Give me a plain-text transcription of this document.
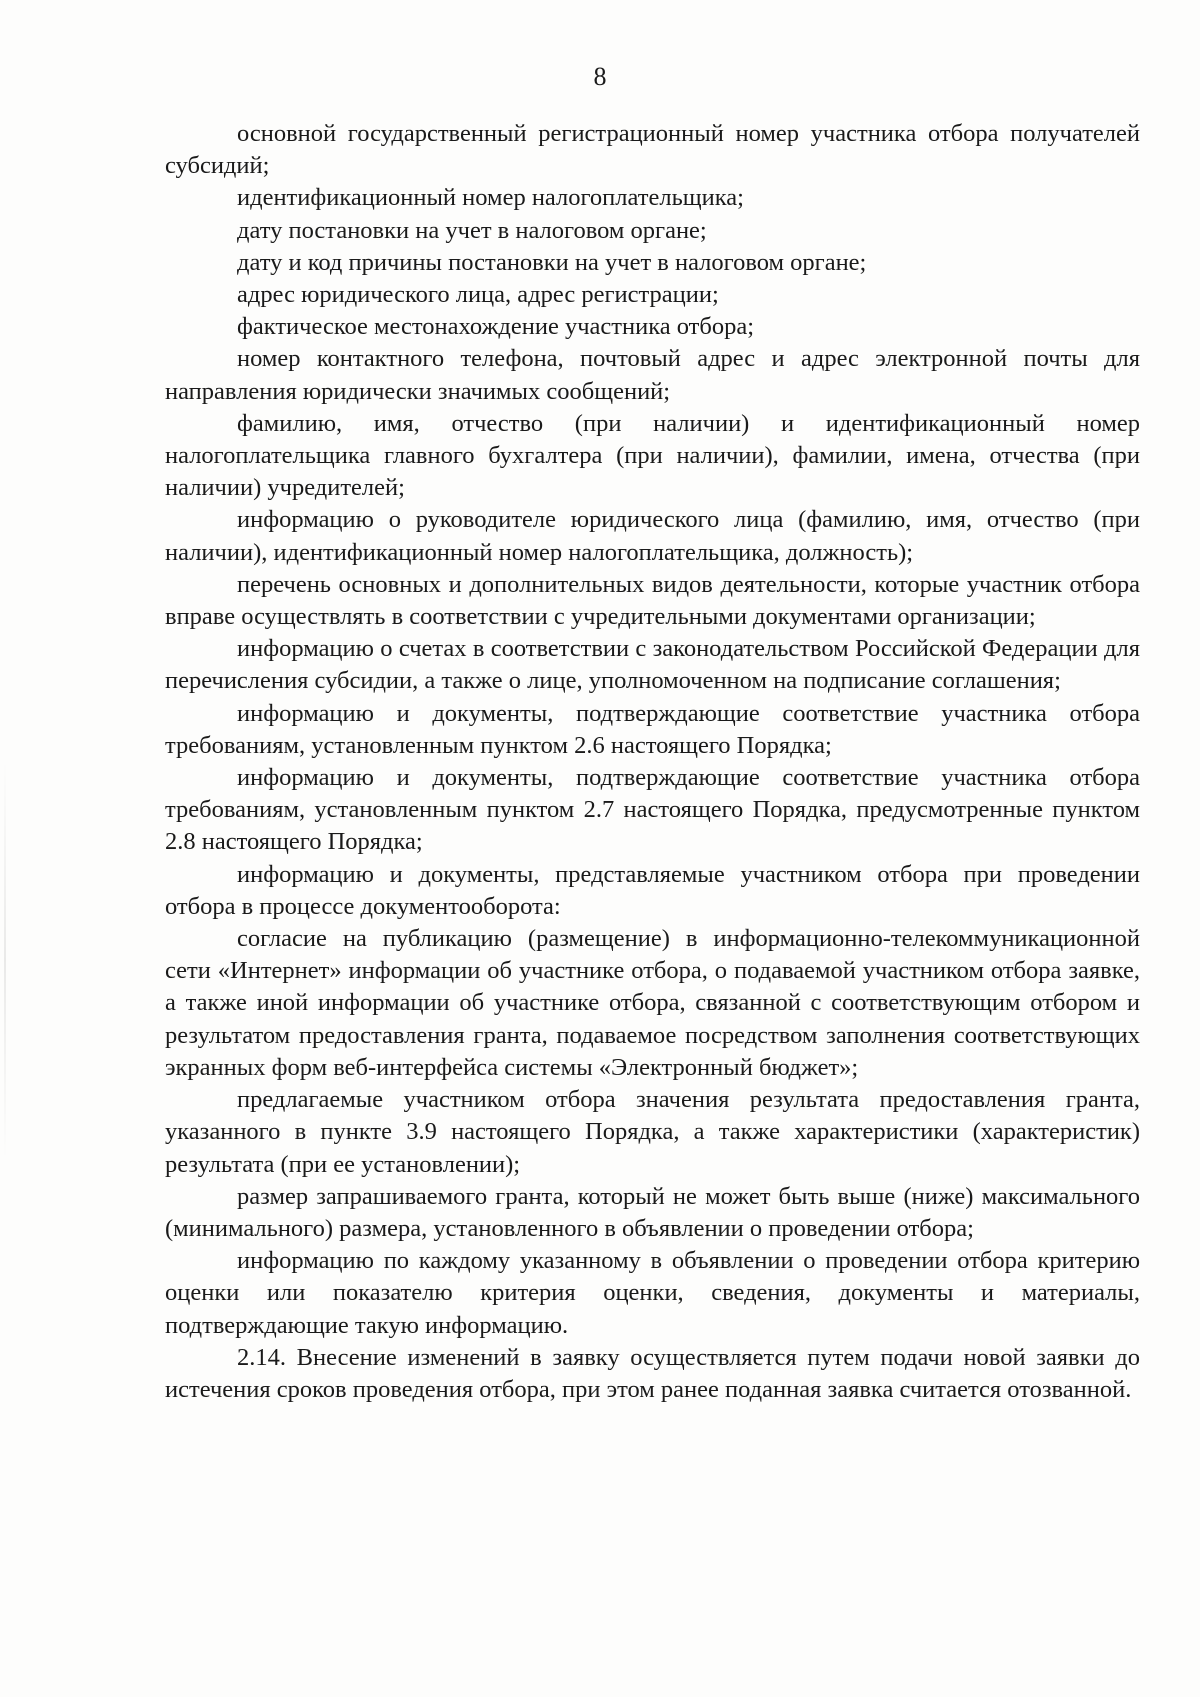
8

основной государственный регистрационный номер участника отбора получателей субсидий;

идентификационный номер налогоплательщика;

дату постановки на учет в налоговом органе;

дату и код причины постановки на учет в налоговом органе;

адрес юридического лица, адрес регистрации;

фактическое местонахождение участника отбора;

номер контактного телефона, почтовый адрес и адрес электронной почты для направления юридически значимых сообщений;

фамилию, имя, отчество (при наличии) и идентификационный номер налогоплательщика главного бухгалтера (при наличии), фамилии, имена, отчества (при наличии) учредителей;

информацию о руководителе юридического лица (фамилию, имя, отчество (при наличии), идентификационный номер налогоплательщика, должность);

перечень основных и дополнительных видов деятельности, которые участник отбора вправе осуществлять в соответствии с учредительными документами организации;

информацию о счетах в соответствии с законодательством Российской Федерации для перечисления субсидии, а также о лице, уполномоченном на подписание соглашения;

информацию и документы, подтверждающие соответствие участника отбора требованиям, установленным пунктом 2.6 настоящего Порядка;

информацию и документы, подтверждающие соответствие участника отбора требованиям, установленным пунктом 2.7 настоящего Порядка, предусмотренные пунктом 2.8 настоящего Порядка;

информацию и документы, представляемые участником отбора при проведении отбора в процессе документооборота:

согласие на публикацию (размещение) в информационно-телекоммуникационной сети «Интернет» информации об участнике отбора, о подаваемой участником отбора заявке, а также иной информации об участнике отбора, связанной с соответствующим отбором и результатом предоставления гранта, подаваемое посредством заполнения соответствующих экранных форм веб-интерфейса системы «Электронный бюджет»;

предлагаемые участником отбора значения результата предоставления гранта, указанного в пункте 3.9 настоящего Порядка, а также характеристики (характеристик) результата (при ее установлении);

размер запрашиваемого гранта, который не может быть выше (ниже) максимального (минимального) размера, установленного в объявлении о проведении отбора;

информацию по каждому указанному в объявлении о проведении отбора критерию оценки или показателю критерия оценки, сведения, документы и материалы, подтверждающие такую информацию.

2.14. Внесение изменений в заявку осуществляется путем подачи новой заявки до истечения сроков проведения отбора, при этом ранее поданная заявка считается отозванной.
